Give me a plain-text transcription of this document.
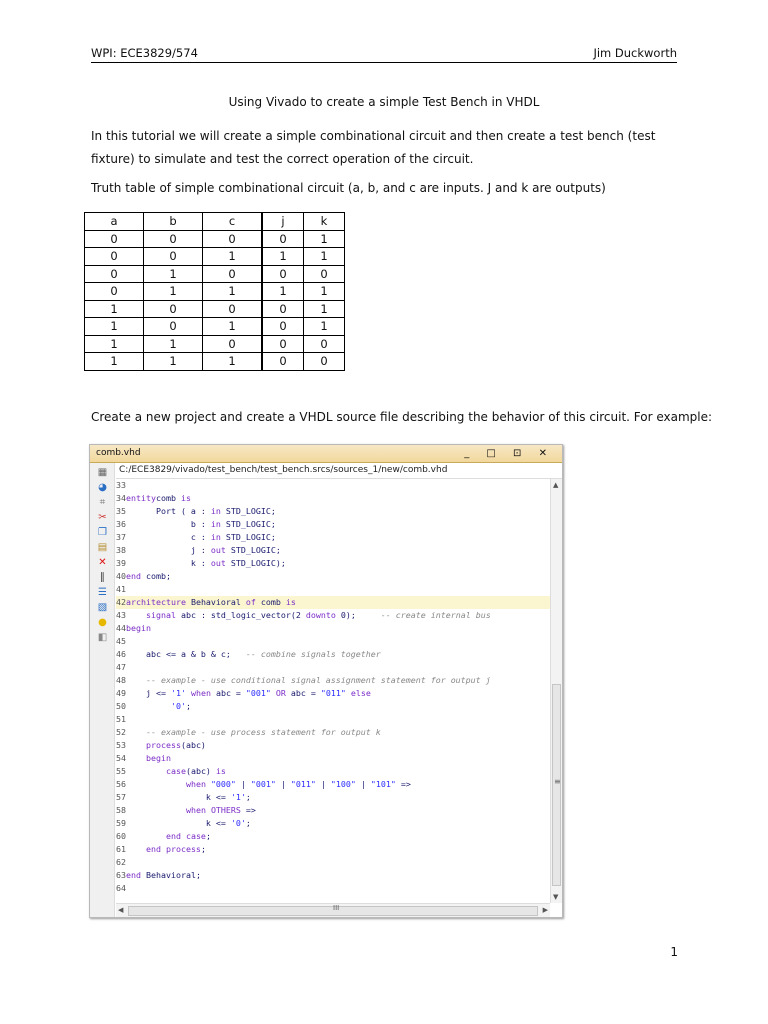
WPI: ECE3829/574	Jim Duckworth
Using Vivado to create a simple Test Bench in VHDL
In this tutorial we will create a simple combinational circuit and then create a test bench (test fixture) to simulate and test the correct operation of the circuit.
Truth table of simple combinational circuit (a, b, and c are inputs. J and k are outputs)
a	b	c	j	k
0	0	0	0	1
0	0	1	1	1
0	1	0	0	0
0	1	1	1	1
1	0	0	0	1
1	0	1	0	1
1	1	0	0	0
1	1	1	0	0
Create a new project and create a VHDL source file describing the behavior of this circuit. For example:
comb.vhd	_ □ ⊡ ✕
▦
◕
⌗
✂
❐
▤
✕
∥
☰
▧
●
◧
C:/ECE3829/vivado/test_bench/test_bench.srcs/sources_1/new/comb.vhd
33
34entitycomb is
35      Port ( a : in STD_LOGIC;
36             b : in STD_LOGIC;
37             c : in STD_LOGIC;
38             j : out STD_LOGIC;
39             k : out STD_LOGIC);
40end comb;
41
42architecture Behavioral of comb is
43 signal abc : std_logic_vector(2 downto 0);     -- create internal bus
44begin
45
46    abc <= a & b & c;   -- combine signals together
47
48 -- example - use conditional signal assignment statement for output j
49    j <= '1' when abc = "001" OR abc = "011" else
50	'0';
51
52 -- example - use process statement for output k
53 process(abc)
54 begin
55	case(abc) is
56	when "000" | "001" | "011" | "100" | "101" =>
57                k <= '1';
58	when OTHERS =>
59                k <= '0';
60	end case;
61 end process;
62
63end Behavioral;
64
▲
≡
▼
◀	III	▶
1
